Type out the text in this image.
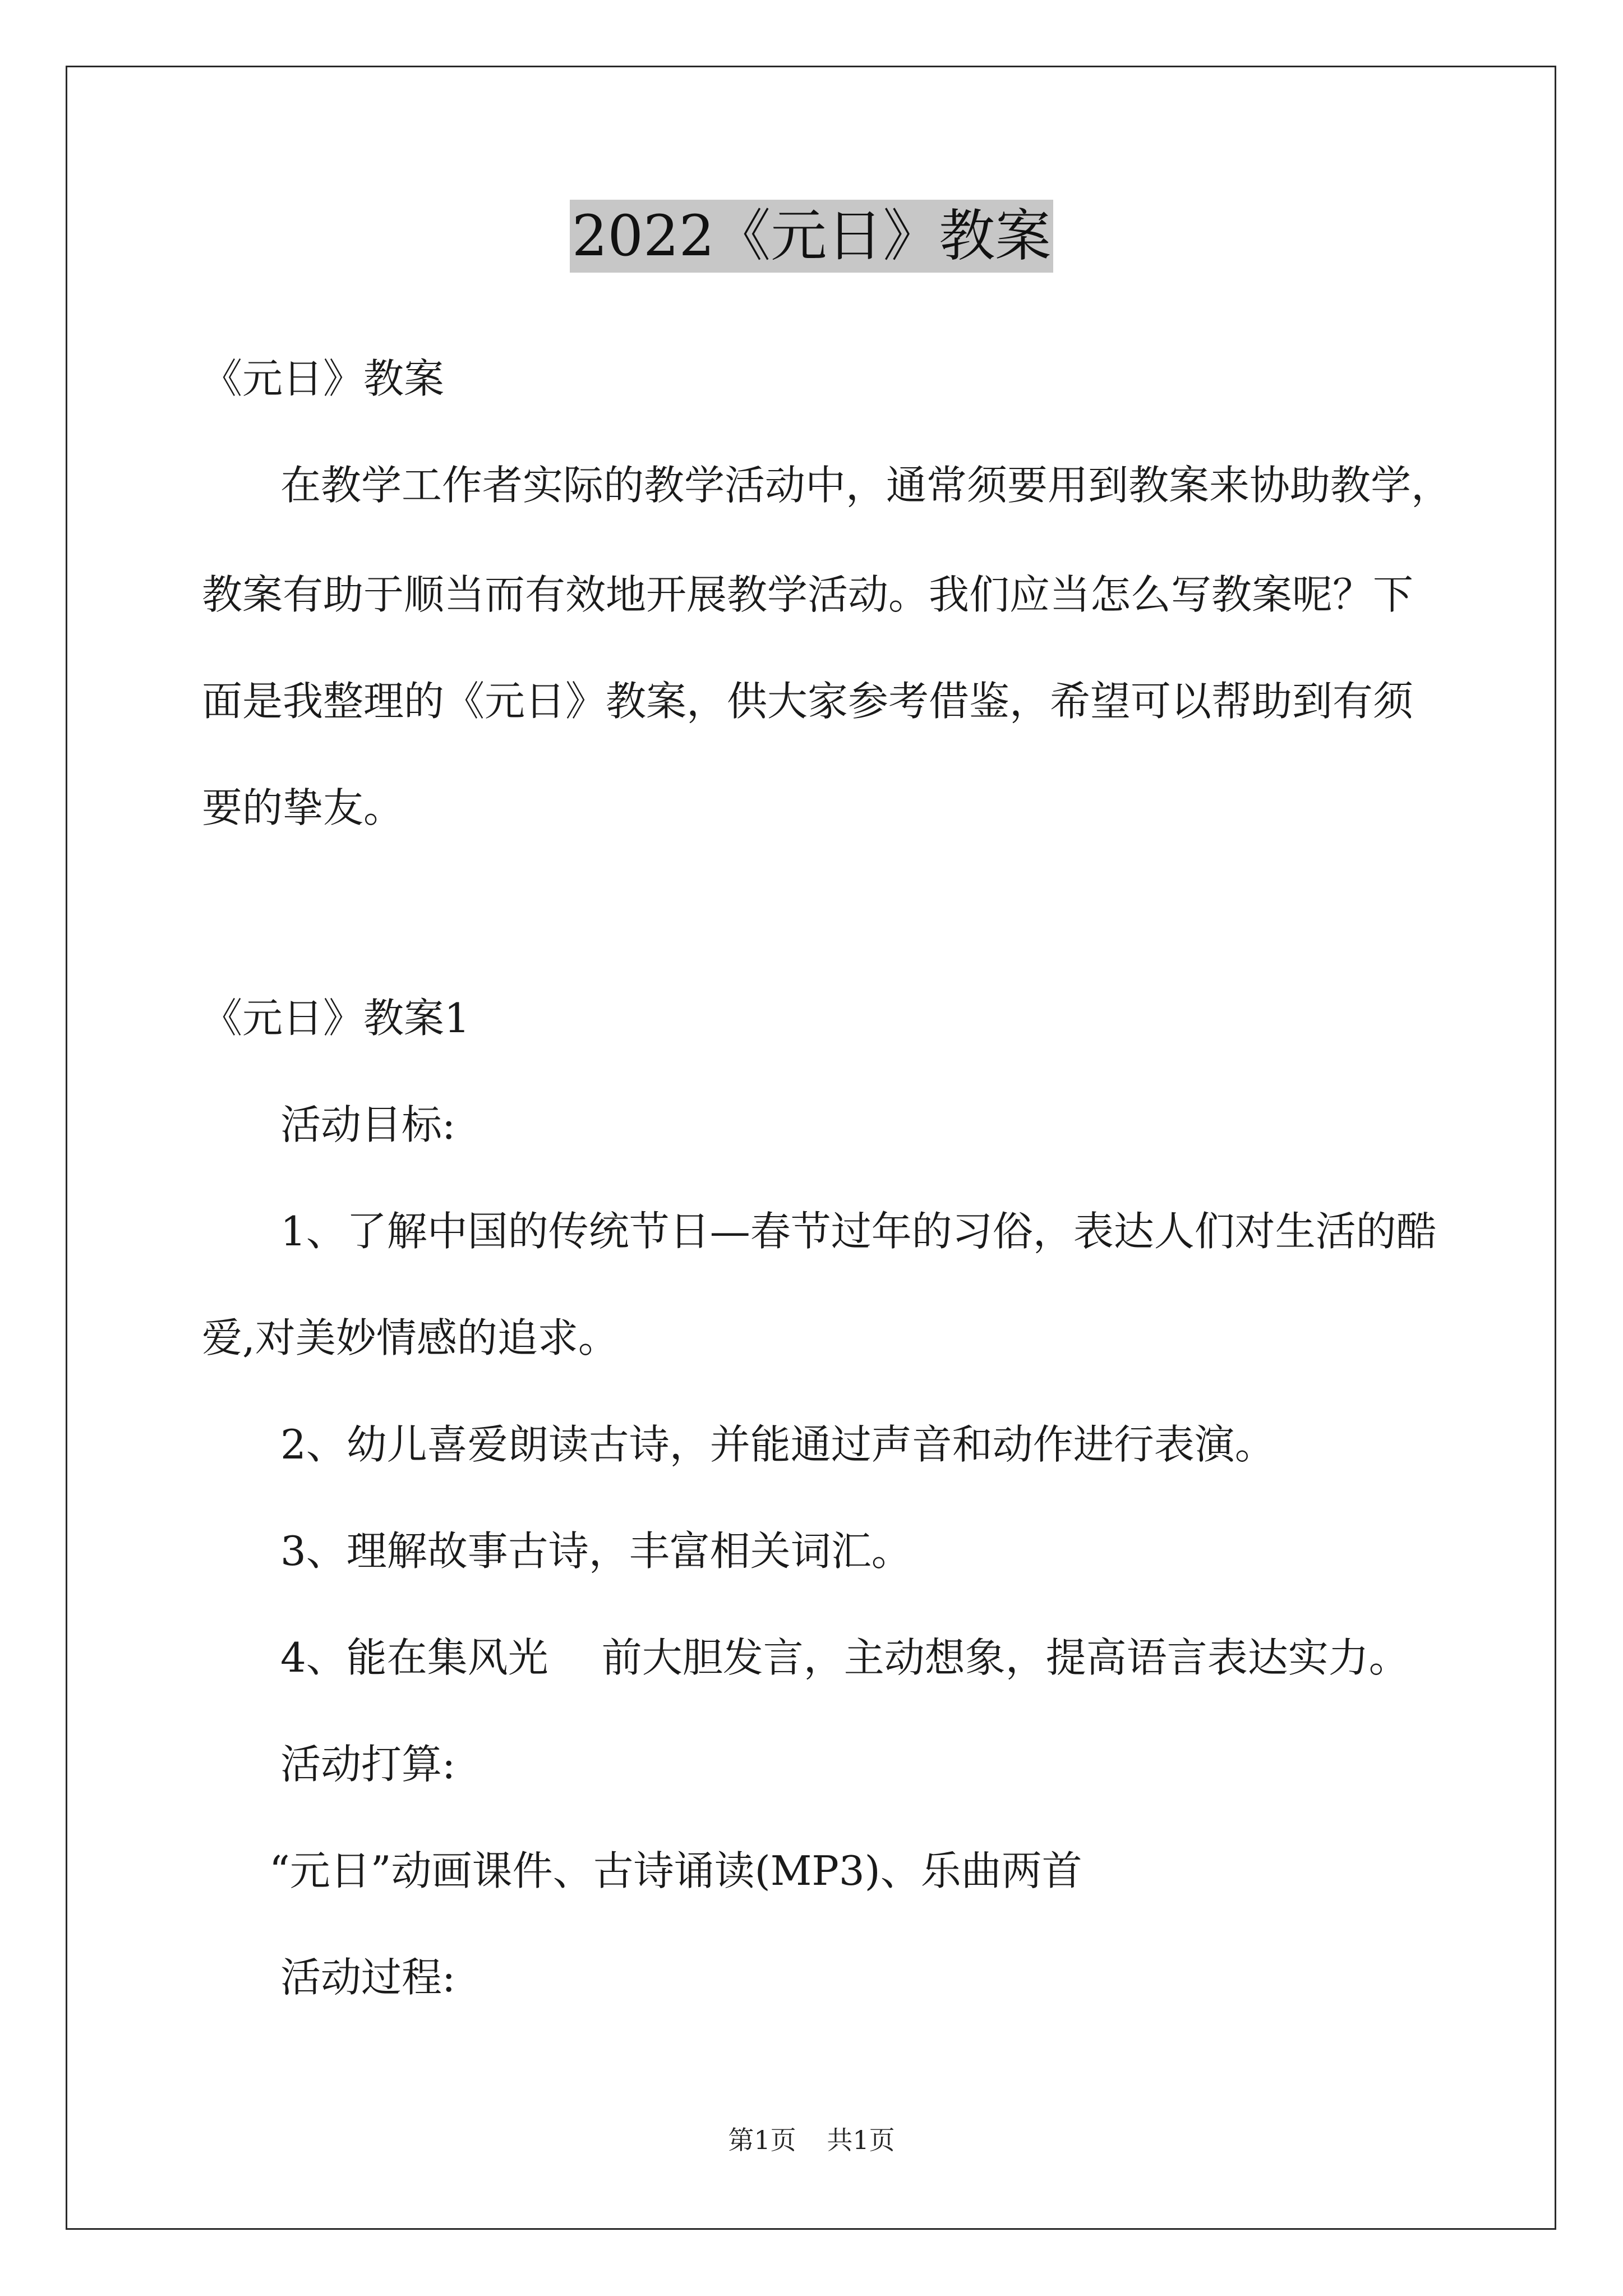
2022《元日》教案
《元日》教案
在教学工作者实际的教学活动中，通常须要用到教案来协助教学，
教案有助于顺当而有效地开展教学活动。我们应当怎么写教案呢？下
面是我整理的《元日》教案，供大家参考借鉴，希望可以帮助到有须
要的挚友。
《元日》教案1
活动目标:
1、了解中国的传统节日—春节过年的习俗，表达人们对生活的酷
爱,对美妙情感的追求。
2、幼儿喜爱朗读古诗，并能通过声音和动作进行表演。
3、理解故事古诗，丰富相关词汇。
4、能在集风光　 前大胆发言，主动想象，提高语言表达实力。
活动打算:
“元日”动画课件、古诗诵读(MP3)、乐曲两首
活动过程:
第1页 共1页
